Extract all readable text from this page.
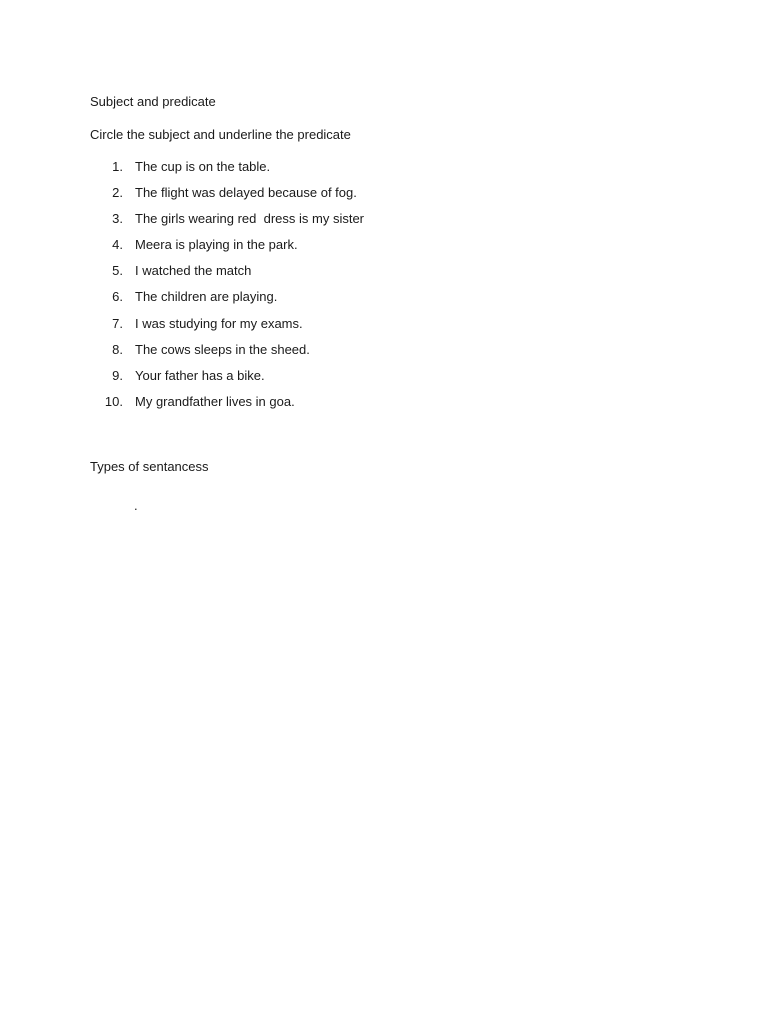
Subject and predicate
Circle the subject and underline the predicate
1. The cup is on the table.
2. The flight was delayed because of fog.
3. The girls wearing red  dress is my sister
4. Meera is playing in the park.
5. I watched the match
6. The children are playing.
7. I was studying for my exams.
8. The cows sleeps in the sheed.
9. Your father has a bike.
10. My grandfather lives in goa.
Types of sentancess
.
